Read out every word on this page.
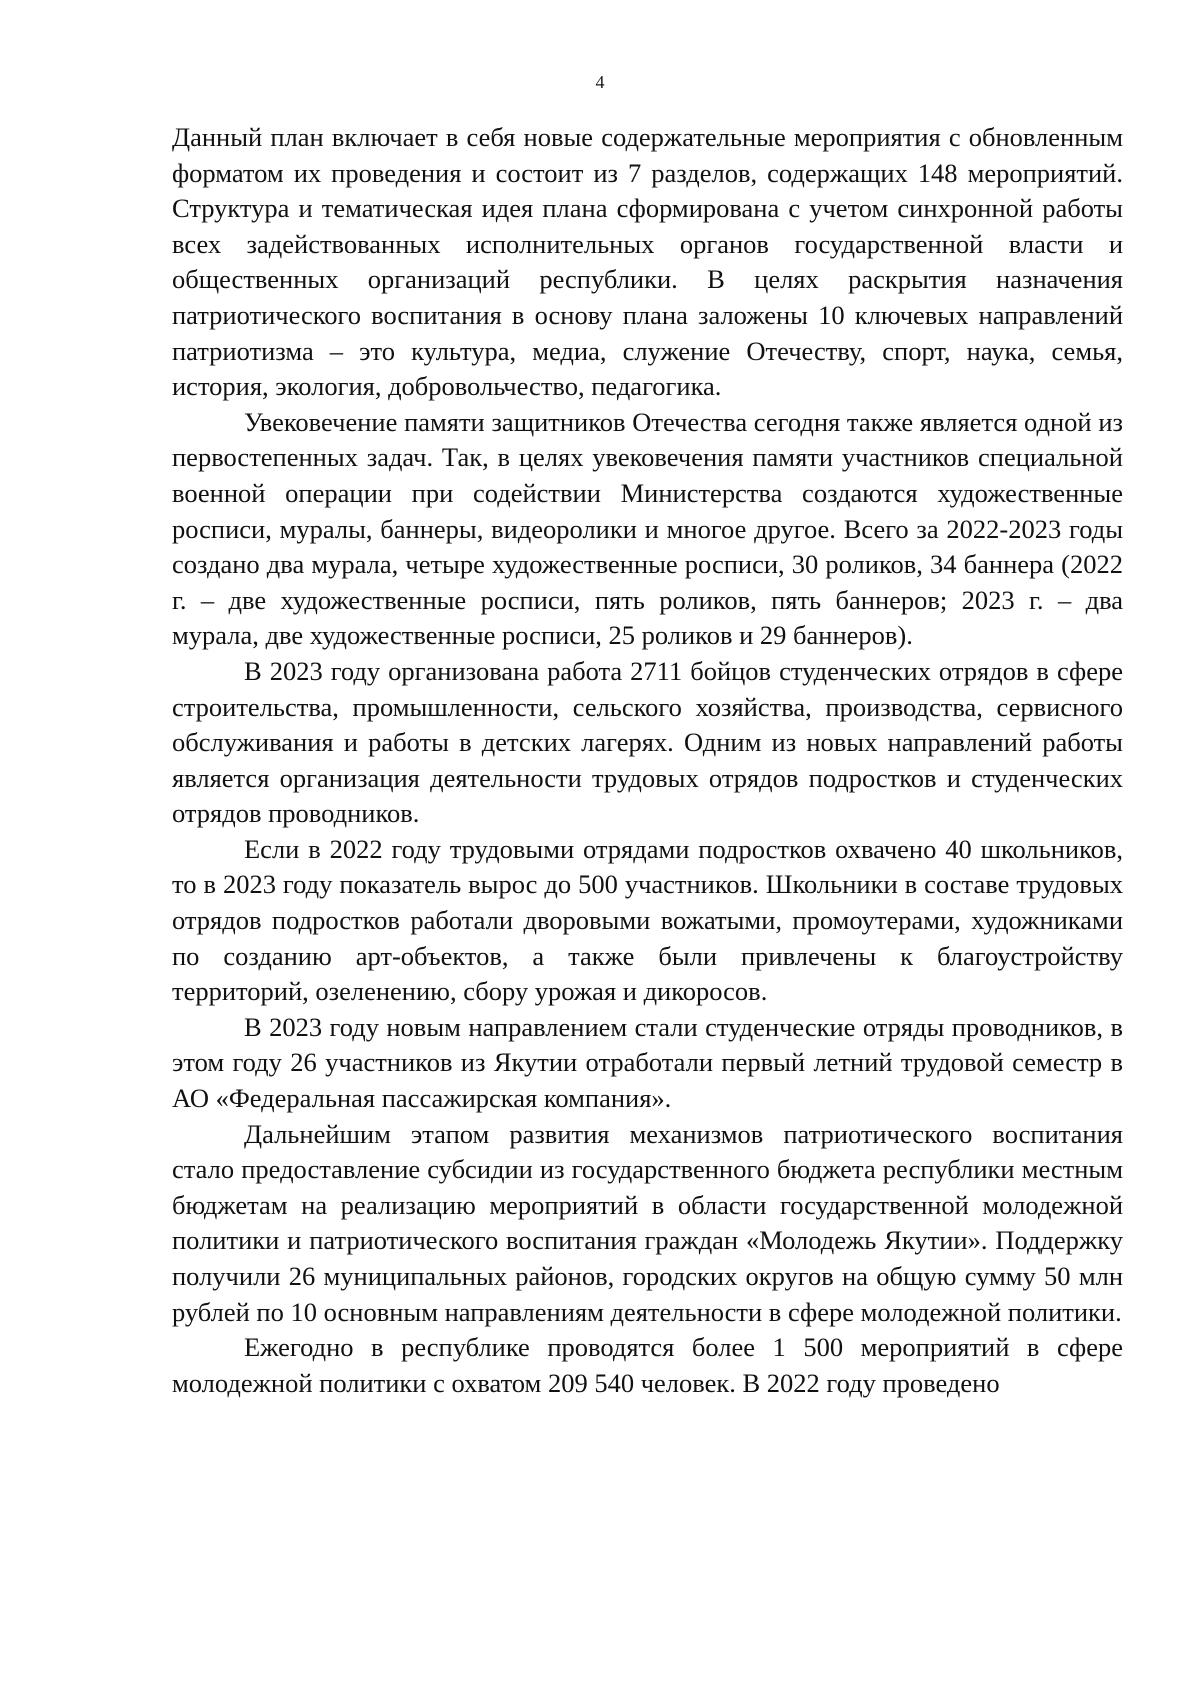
4

Данный план включает в себя новые содержательные мероприятия с обновленным форматом их проведения и состоит из 7 разделов, содержащих 148 мероприятий. Структура и тематическая идея плана сформирована с учетом синхронной работы всех задействованных исполнительных органов государственной власти и общественных организаций республики. В целях раскрытия назначения патриотического воспитания в основу плана заложены 10 ключевых направлений патриотизма – это культура, медиа, служение Отечеству, спорт, наука, семья, история, экология, добровольчество, педагогика.

Увековечение памяти защитников Отечества сегодня также является одной из первостепенных задач. Так, в целях увековечения памяти участников специальной военной операции при содействии Министерства создаются художественные росписи, муралы, баннеры, видеоролики и многое другое. Всего за 2022-2023 годы создано два мурала, четыре художественные росписи, 30 роликов, 34 баннера (2022 г. – две художественные росписи, пять роликов, пять баннеров; 2023 г. – два мурала, две художественные росписи, 25 роликов и 29 баннеров).

В 2023 году организована работа 2711 бойцов студенческих отрядов в сфере строительства, промышленности, сельского хозяйства, производства, сервисного обслуживания и работы в детских лагерях. Одним из новых направлений работы является организация деятельности трудовых отрядов подростков и студенческих отрядов проводников.

Если в 2022 году трудовыми отрядами подростков охвачено 40 школьников, то в 2023 году показатель вырос до 500 участников. Школьники в составе трудовых отрядов подростков работали дворовыми вожатыми, промоутерами, художниками по созданию арт-объектов, а также были привлечены к благоустройству территорий, озеленению, сбору урожая и дикоросов.

В 2023 году новым направлением стали студенческие отряды проводников, в этом году 26 участников из Якутии отработали первый летний трудовой семестр в АО «Федеральная пассажирская компания».

Дальнейшим этапом развития механизмов патриотического воспитания стало предоставление субсидии из государственного бюджета республики местным бюджетам на реализацию мероприятий в области государственной молодежной политики и патриотического воспитания граждан «Молодежь Якутии». Поддержку получили 26 муниципальных районов, городских округов на общую сумму 50 млн рублей по 10 основным направлениям деятельности в сфере молодежной политики.

Ежегодно в республике проводятся более 1 500 мероприятий в сфере молодежной политики с охватом 209 540 человек. В 2022 году проведено
